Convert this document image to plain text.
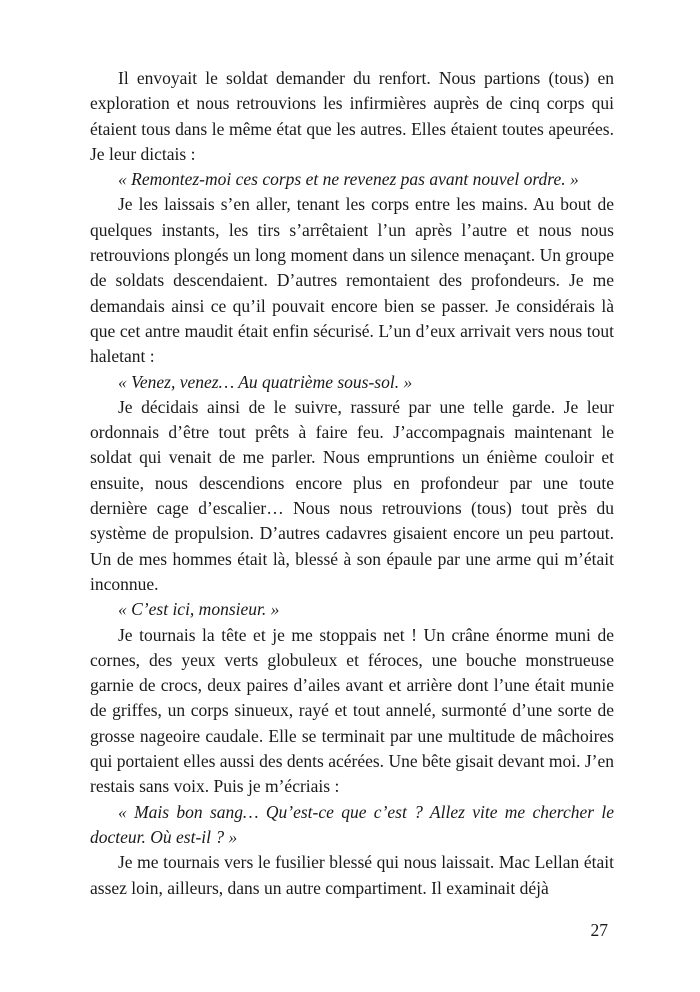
Il envoyait le soldat demander du renfort. Nous partions (tous) en exploration et nous retrouvions les infirmières auprès de cinq corps qui étaient tous dans le même état que les autres. Elles étaient toutes apeurées. Je leur dictais :

« Remontez-moi ces corps et ne revenez pas avant nouvel ordre. »

Je les laissais s’en aller, tenant les corps entre les mains. Au bout de quelques instants, les tirs s’arrêtaient l’un après l’autre et nous nous retrouvions plongés un long moment dans un silence menaçant. Un groupe de soldats descendaient. D’autres remontaient des profondeurs. Je me demandais ainsi ce qu’il pouvait encore bien se passer. Je considérais là que cet antre maudit était enfin sécurisé. L’un d’eux arrivait vers nous tout haletant :

« Venez, venez… Au quatrième sous-sol. »

Je décidais ainsi de le suivre, rassuré par une telle garde. Je leur ordonnais d’être tout prêts à faire feu. J’accompagnais maintenant le soldat qui venait de me parler. Nous empruntions un énième couloir et ensuite, nous descendions encore plus en profondeur par une toute dernière cage d’escalier… Nous nous retrouvions (tous) tout près du système de propulsion. D’autres cadavres gisaient encore un peu partout. Un de mes hommes était là, blessé à son épaule par une arme qui m’était inconnue.

« C’est ici, monsieur. »

Je tournais la tête et je me stoppais net ! Un crâne énorme muni de cornes, des yeux verts globuleux et féroces, une bouche monstrueuse garnie de crocs, deux paires d’ailes avant et arrière dont l’une était munie de griffes, un corps sinueux, rayé et tout annelé, surmonté d’une sorte de grosse nageoire caudale. Elle se terminait par une multitude de mâchoires qui portaient elles aussi des dents acérées. Une bête gisait devant moi. J’en restais sans voix. Puis je m’écriais :

« Mais bon sang… Qu’est-ce que c’est ? Allez vite me chercher le docteur. Où est-il ? »

Je me tournais vers le fusilier blessé qui nous laissait. Mac Lellan était assez loin, ailleurs, dans un autre compartiment. Il examinait déjà

27
